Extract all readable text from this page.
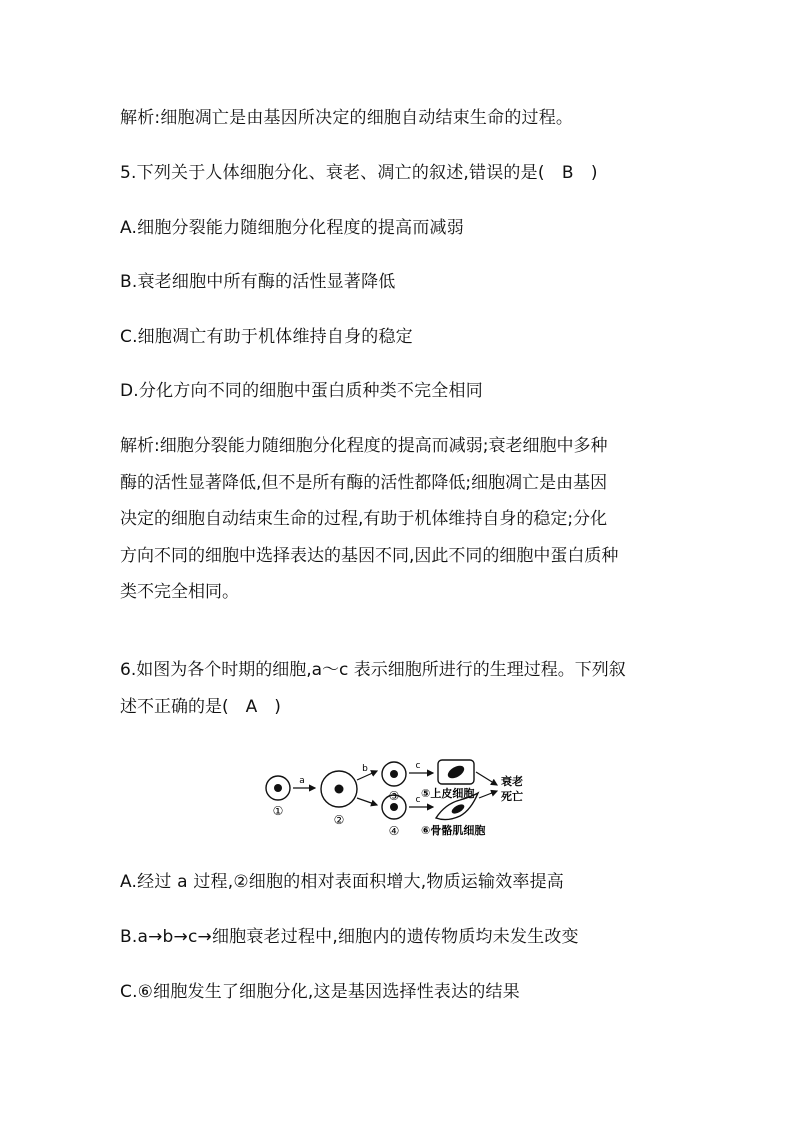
解析:细胞凋亡是由基因所决定的细胞自动结束生命的过程。
5.下列关于人体细胞分化、衰老、凋亡的叙述,错误的是(　B　)
A.细胞分裂能力随细胞分化程度的提高而减弱
B.衰老细胞中所有酶的活性显著降低
C.细胞凋亡有助于机体维持自身的稳定
D.分化方向不同的细胞中蛋白质种类不完全相同
解析:细胞分裂能力随细胞分化程度的提高而减弱;衰老细胞中多种
酶的活性显著降低,但不是所有酶的活性都降低;细胞凋亡是由基因
决定的细胞自动结束生命的过程,有助于机体维持自身的稳定;分化
方向不同的细胞中选择表达的基因不同,因此不同的细胞中蛋白质种
类不完全相同。
6.如图为各个时期的细胞,a～c 表示细胞所进行的生理过程。下列叙
述不正确的是(　A　)
①
a
②
b
③
④
c
c ⑤上皮细胞
⑥骨骼肌细胞
衰老
死亡
A.经过 a 过程,②细胞的相对表面积增大,物质运输效率提高
B.a→b→c→细胞衰老过程中,细胞内的遗传物质均未发生改变
C.⑥细胞发生了细胞分化,这是基因选择性表达的结果
